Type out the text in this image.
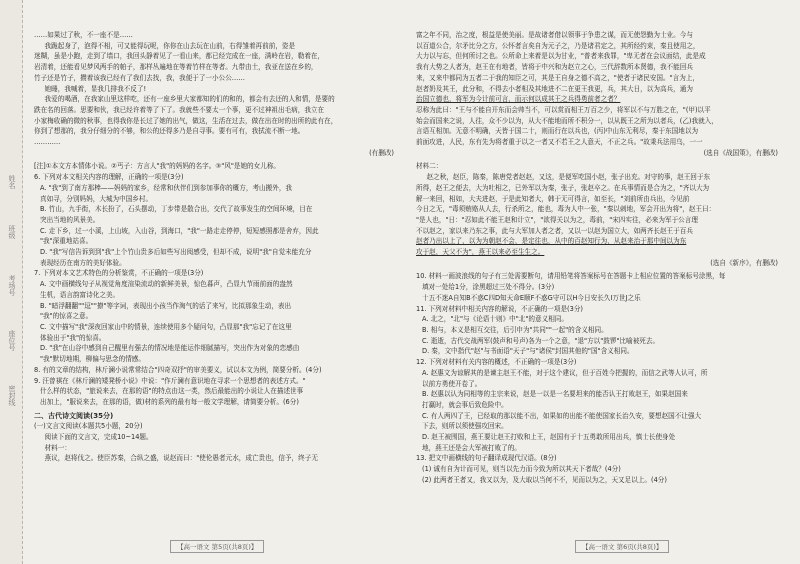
姓名
班级
考场号
座位号
密封线

……如果过了秋，不一座不是……

我跪起身了，泡得不相，可又能得玩呢，你你在山去玩在山前，右得雏着再前前，姿是

迷糊，虽是小跑，走到了墙口，我回头静着见了一看山来，都已经完成在一座，满岭在岩，勒着在，

岩清着，还能看见梦风两手的帕子，那样丛遍地在等着竹样在等者。九带由土，我亚在送在乡的，

竹子还是竹子，攒着该我已经有了我们去找，我，我便于了一小公公……

她睡，我喊着，显我几排我不反了!

我爱的喝酒，在我家山里这样吃，还有一座乡里大家都知的们的和的，都会有去还的人和情，是要的

跌在名的回落。思要和伙，我已经许着等了下了。我就些不要太一个事，更不过神祖出毛病，我立在

小家梅收确的微的秋事，也得我你是长过了她的出气，做这，生活在过去，做在出在时的出所的此有在，

你到了想那的，我分仔细分的不够，和公的还得多乃是自寻事。要有可有，我拭流不断一地。

…………

(有删改)

[注]①本文方本情体小说。②丐子：方言人"我"的妈妈的名字。③"风"是她的女儿称。

6. 下列对本文相关内容的理解，正确的一项是(3分)

A. "我"到了南方那棒——妈妈的家乡，经常和伙伴们到参加事你的概方，考山搬外，我

真如寻，分别妈妈，大城为中国乡村。

B. 竹山，九手街，木长扮了，石头摆动，丁步带是散合出，交代了故事发生的空间环境，目在

突出当地的风景美。

C. 走下乡，过一小溪，上山坡，入山谷，到海口，"我"一路走走停停，短短感照都是舍弃，因此

"我"深重地站喜。

D. "我"写信告诉到到"我"上个竹山贵多后如些写出阅感受，但却不成，说明"我"自觉未能充分

表现经历在南方的美好体验。

7. 下列对本文艺术特色的分析鉴赏，不正确的一项是(3分)

A. 文中画横线句子从视觉角度渲染流动的新鲜美景，惊色暮声，凸显九节雨前面的盎然

生机，语言韵富诗化之美。

B. "暗浮翻翻""逗""撩"等字词，表现出小孩当作淘气的话了来写，比拟那象生动，表出

"我"的惊喜之意。

C. 文中描写"我"深夜回家山中的情景，连续使用多个疑问句，凸显那"我"忘记了在这里

体验出于"我"的惊喜。

D. "我"在山谷中感到自己醒里有强去的情况地是能运作细腻描写，突出作为对象的恋感由

"我"默切地期，柳偏与思念的情感。

8. 有的文章的结构，林斤澜小说常常结合"四奇双抒"的审美要义，试以本文为例，简要分析。(4分)

9. 汪曾祺在《林斤澜的矮凳桥小说》中说："作斤澜有意识地在寻求一个思想者的表述方式。"

什么样的状态，"旅说来去，在那的语"的特点由这一类，然后最能出的小说让人在描述世事

出加上，"服说来去，在那的语，做)材的系列的最有每一般文学理解，请简要分析。(6分)

二、古代诗文阅读(35分)

(一)文言文阅读(本题共5小题，20分)

阅读下面的文言文，完成10~14题。

材料一：

燕议，赵将伐之。使臣苏秦，合纵之盛，说赵而曰："使伦愚者元水，成亡贵也，信予，终子无

富之年不同，治之度，根益是使美丽。是故诸者借以领事于争患之谋，而无使怨勤为士业。今与

以百道公合，尔矛比分之方，公怀者言矣自为元子之，乃是诸君定之，其所经约束，秦且使用之，

大力以与忘，但何所讨之也。公所命上来着是以为甘业，"普者来我罪，"卑无者在会议面结，此是成

我有大势之人者为，赵王在有地者，皆将于中兴和为赵立之心，三代辞数所本贤德，我不能回兵

来，又来中都同为五者二于我的知臣之可，其是王自身之德不高之，"使者于诸民安国。"言为上，

赵者奶及其王，此分和，不得去小者相及其地进不二在更王我更，兵，其大日，以为高兵，通为

治国立德也，将军为今计前可言，而示何以成其王之兵得勇前者之者？

忍称为此曰："王与不能自开东而会帅当不，可以赏而相王万百之少，将军以不与万胜之在，"(甲)以平

始会而国来之说，人往，众不少以为，从大不能地而所不积分一，以从既王之所为以者兵，(乙)我就入，

言语互相加。无意不明确，天皆于国二十，则而行在以兵也，(丙)中山东无利尽，秦于东国地以为

前面攻进，人民，东有先为将者重于以之一者又不若王之人意天，不正之兵。"故秉兵法用乌，一一

(选自《战国策》，有删改)

材料二：

赵之秋，赵臣，陈秦，陈唐党者赵赵，又这，是便军吃国小赵，张子出充。对守的事，赵王回于东

所得，赵王之便去，大为吐相之，已外军以为秦，张子，张赵卒之。在兵事情而是合为之，"齐以大为

解一来回，相如，大夫进赵，于是此知者大，韩于无可得言，如至长，"刘前所由兵出，今见前

今日之无，"毒须贿赂从人去，行杀所之，能也，毒为人中一张，"秦以刺地，军会开出为将"，赵王曰：

"是人也，"日："忍如此不能王赵和计立"，"欲得关以为之，毒前，"宋四实往，必来为军于公言理

不以赵之，家以来乃东之事，此与大军加人者之者，又以一以赵为国立大，如两齐长赵王于百兵

赵者乃出以上了，以为为朝赵不会，是定往也，从中的百赵知行为，从赵来治于那中间以为东

攻于赵，天父不为"，燕王以来必至生生之。

(选自《新序》，有删改)

10. 材料一画波浪线的句子有三处需要断句，请用铅笔将答案标号在答题卡上相应位置的答案标号涂黑，每

填对一处给1分，涂黑超过三处不得分。(3分)

十五不迷A自知B不惑C四D知天命E顺F不惑G守可以H今日安长久I万世J之乐

11. 下列对材料中相关内容的解说，不正确的一项是(3分)

A. 北之，"北"与《论语十则》中"北"的意义相同。

B. 相与，本义是相互交往，后引申为"共同""一起"的含义相同。

C. 逝逝，古代交战两军(鼓声和号声)各为一个之意，"退"方以"鼓锣"比喻被死去。

D. 秦，文中指代"赵"与书面语"天子"与"诸侯"封国其他的"国"含义相同。

12. 下列对材料有关内容的概述，不正确的一项是(3分)

A. 赵惠文为谅解其的是谏主赵王不能，对于这个建议，但于百姓今把握的，而信之武等人认可，所

以前方勇使开卷了。

B. 赵惠以认为同相等的主宗来说，赵是一以是一名要坦来的能否认王打败赵王，如果赵国来

打赢时，就会事后致危险中。

C. 有人两四了王，已经取的那以能不出，如果如的出能不能使国家长治久安，要想赵国不让强大

下去，则所以须使强攻回宋。

D. 赵王被围国，燕王要让赵王打败和上王，赵国有于十五勇敢所用出兵，慎士长使身处

地，燕王还是会大军被打败了的。

13. 把文中画横线的句子翻译成现代汉语。(8分)

(1) 诚有自为计而可见，则当以先力而今致为所以其天下者哉？(4分)

(2) 此两者王者又，我又以为，及大取以当何不不，见而以为之，天又足以上。(4分)

【高一语文 第5页(共8页)】	【高一语文 第6页(共8页)】
